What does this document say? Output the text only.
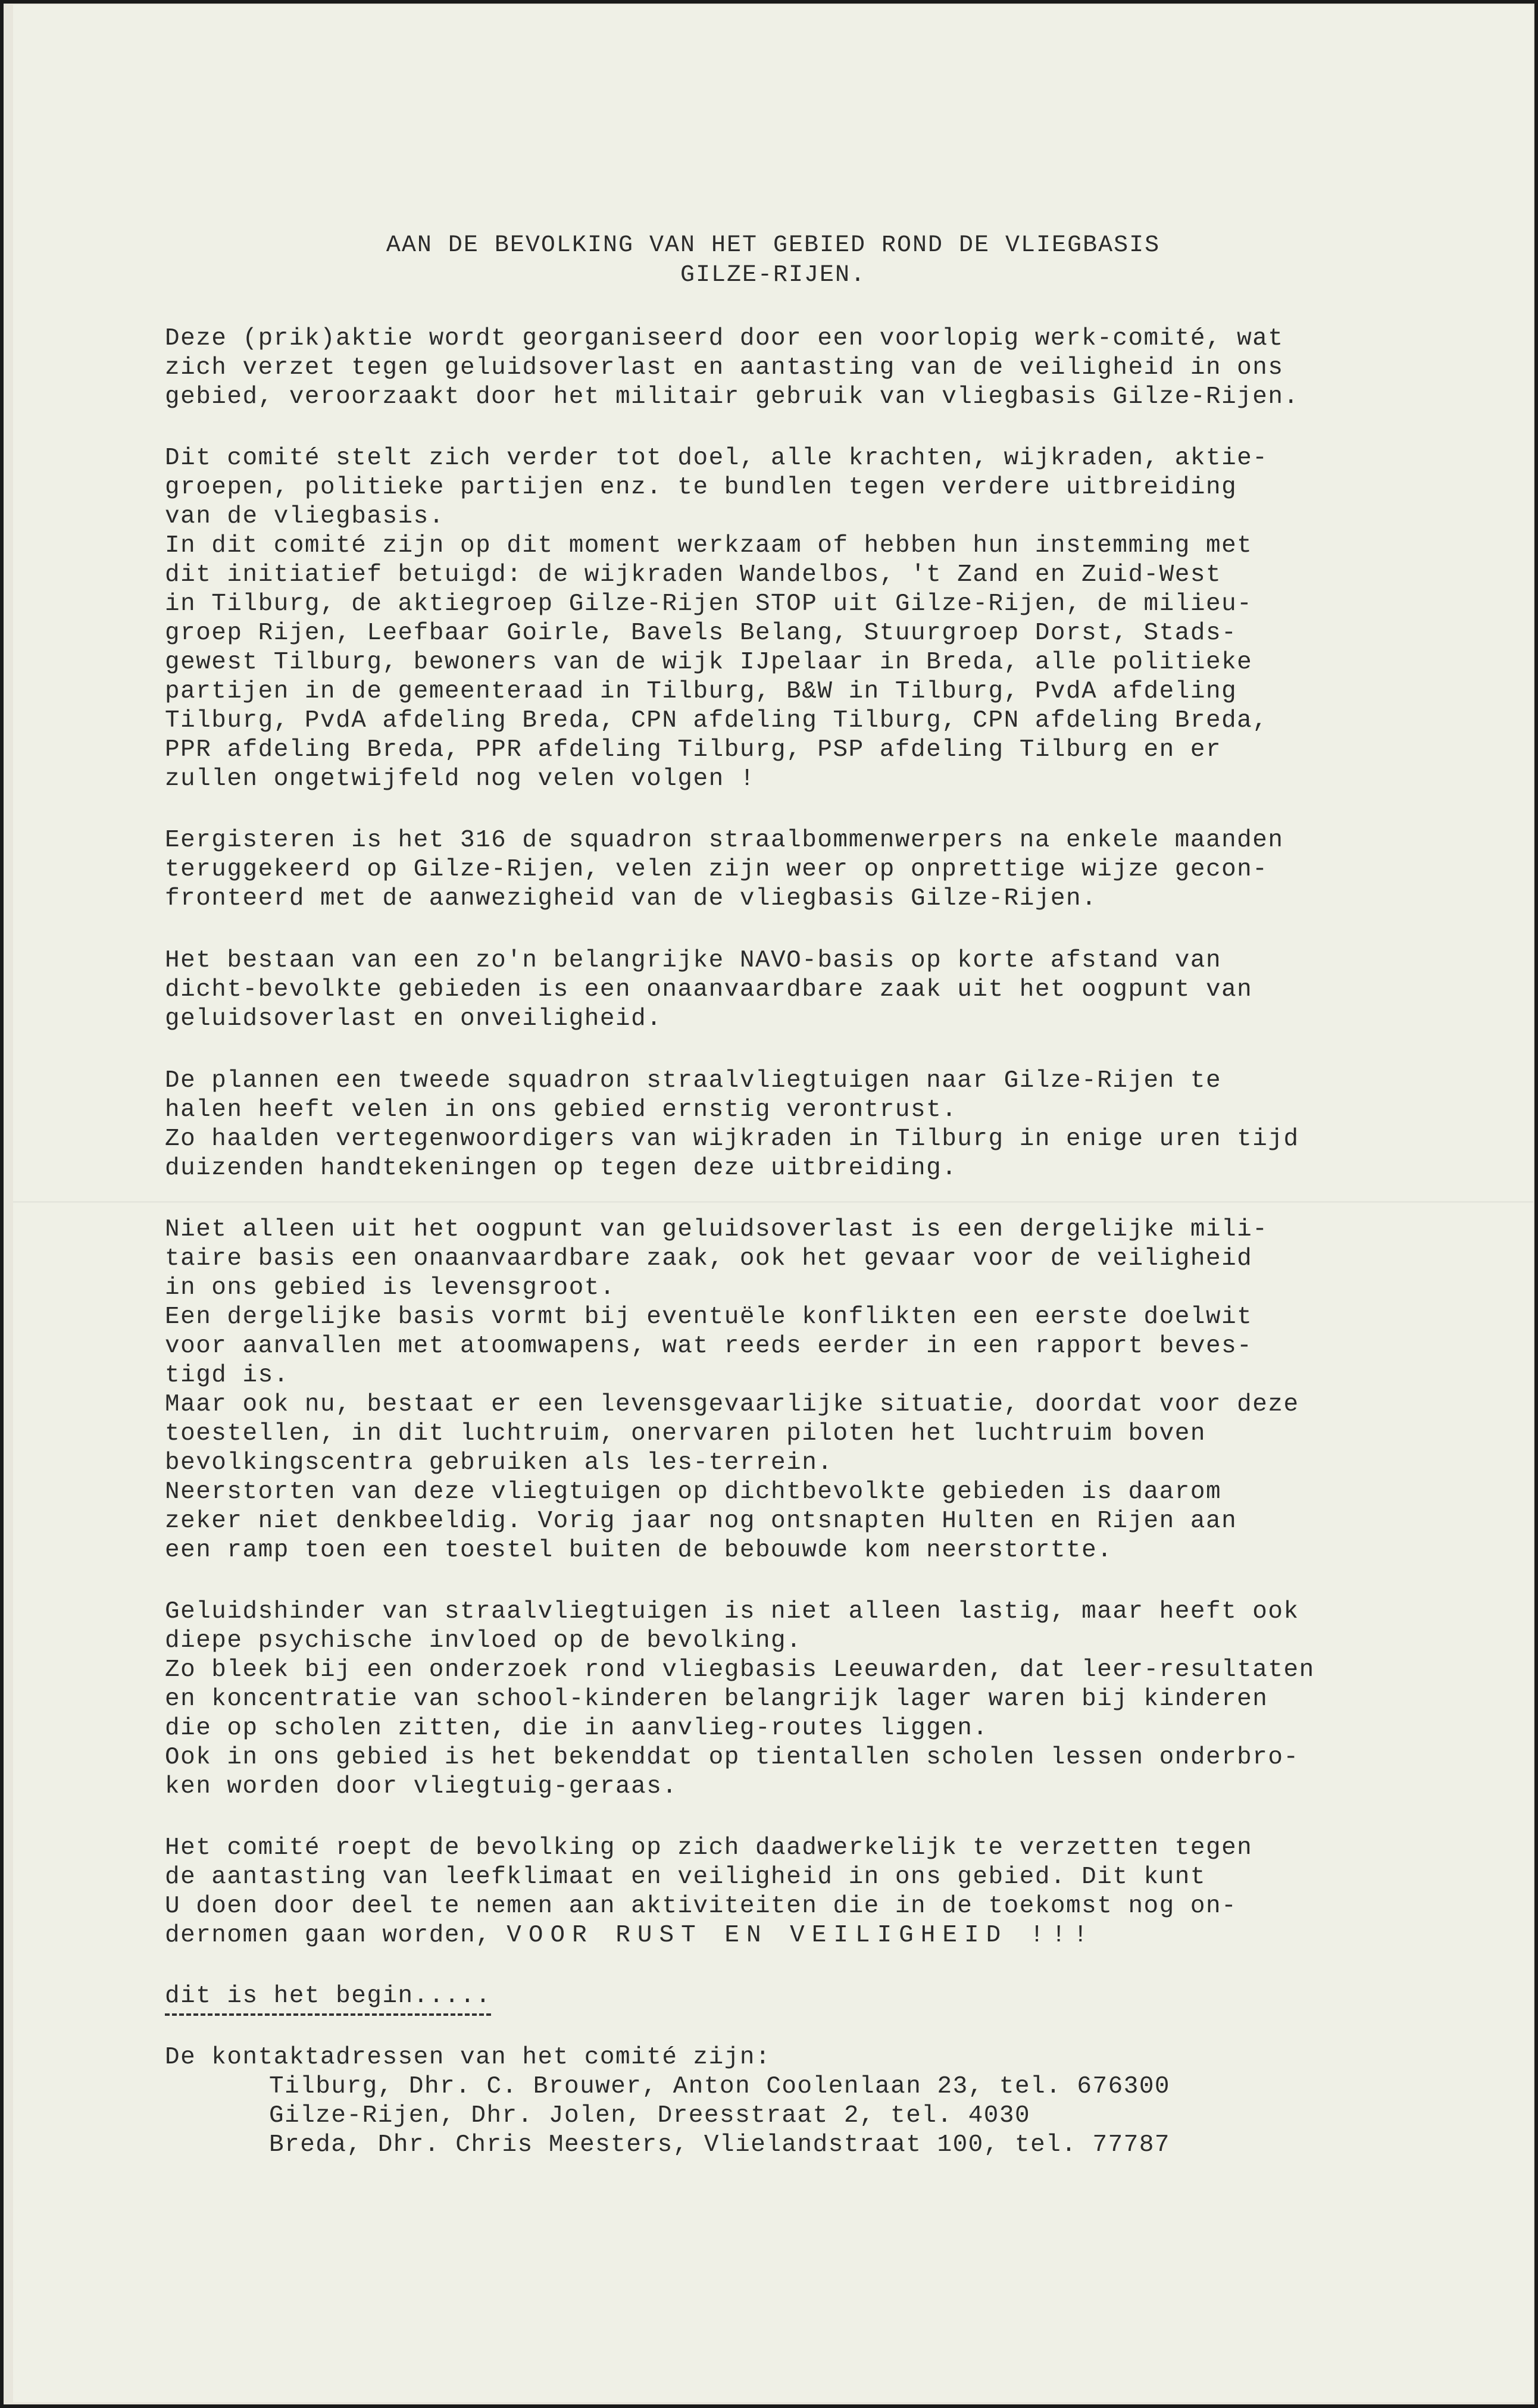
AAN DE BEVOLKING VAN HET GEBIED ROND DE VLIEGBASIS
GILZE-RIJEN.
Deze (prik)aktie wordt georganiseerd door een voorlopig werk-comité, wat
zich verzet tegen geluidsoverlast en aantasting van de veiligheid in ons
gebied, veroorzaakt door het militair gebruik van vliegbasis Gilze-Rijen.
Dit comité stelt zich verder tot doel, alle krachten, wijkraden, aktie-
groepen, politieke partijen enz. te bundlen tegen verdere uitbreiding
van de vliegbasis.
In dit comité zijn op dit moment werkzaam of hebben hun instemming met
dit initiatief betuigd: de wijkraden Wandelbos, 't Zand en Zuid-West
in Tilburg, de aktiegroep Gilze-Rijen STOP uit Gilze-Rijen, de milieu-
groep Rijen, Leefbaar Goirle, Bavels Belang, Stuurgroep Dorst, Stads-
gewest Tilburg, bewoners van de wijk IJpelaar in Breda, alle politieke
partijen in de gemeenteraad in Tilburg, B&W in Tilburg, PvdA afdeling
Tilburg, PvdA afdeling Breda, CPN afdeling Tilburg, CPN afdeling Breda,
PPR afdeling Breda, PPR afdeling Tilburg, PSP afdeling Tilburg en er
zullen ongetwijfeld nog velen volgen !
Eergisteren is het 316 de squadron straalbommenwerpers na enkele maanden
teruggekeerd op Gilze-Rijen, velen zijn weer op onprettige wijze gecon-
fronteerd met de aanwezigheid van de vliegbasis Gilze-Rijen.
Het bestaan van een zo'n belangrijke NAVO-basis op korte afstand van
dicht-bevolkte gebieden is een onaanvaardbare zaak uit het oogpunt van
geluidsoverlast en onveiligheid.
De plannen een tweede squadron straalvliegtuigen naar Gilze-Rijen te
halen heeft velen in ons gebied ernstig verontrust.
Zo haalden vertegenwoordigers van wijkraden in Tilburg in enige uren tijd
duizenden handtekeningen op tegen deze uitbreiding.
Niet alleen uit het oogpunt van geluidsoverlast is een dergelijke mili-
taire basis een onaanvaardbare zaak, ook het gevaar voor de veiligheid
in ons gebied is levensgroot.
Een dergelijke basis vormt bij eventuële konflikten een eerste doelwit
voor aanvallen met atoomwapens, wat reeds eerder in een rapport beves-
tigd is.
Maar ook nu, bestaat er een levensgevaarlijke situatie, doordat voor deze
toestellen, in dit luchtruim, onervaren piloten het luchtruim boven
bevolkingscentra gebruiken als les-terrein.
Neerstorten van deze vliegtuigen op dichtbevolkte gebieden is daarom
zeker niet denkbeeldig. Vorig jaar nog ontsnapten Hulten en Rijen aan
een ramp toen een toestel buiten de bebouwde kom neerstortte.
Geluidshinder van straalvliegtuigen is niet alleen lastig, maar heeft ook
diepe psychische invloed op de bevolking.
Zo bleek bij een onderzoek rond vliegbasis Leeuwarden, dat leer-resultaten
en koncentratie van school-kinderen belangrijk lager waren bij kinderen
die op scholen zitten, die in aanvlieg-routes liggen.
Ook in ons gebied is het bekenddat op tientallen scholen lessen onderbro-
ken worden door vliegtuig-geraas.
Het comité roept de bevolking op zich daadwerkelijk te verzetten tegen
de aantasting van leefklimaat en veiligheid in ons gebied. Dit kunt
U doen door deel te nemen aan aktiviteiten die in de toekomst nog on-
dernomen gaan worden, VOOR RUST EN VEILIGHEID !!!
dit is het begin.....
De kontaktadressen van het comité zijn:
Tilburg, Dhr. C. Brouwer, Anton Coolenlaan 23, tel. 676300
Gilze-Rijen, Dhr. Jolen, Dreesstraat 2, tel. 4030
Breda, Dhr. Chris Meesters, Vlielandstraat 100, tel. 77787
